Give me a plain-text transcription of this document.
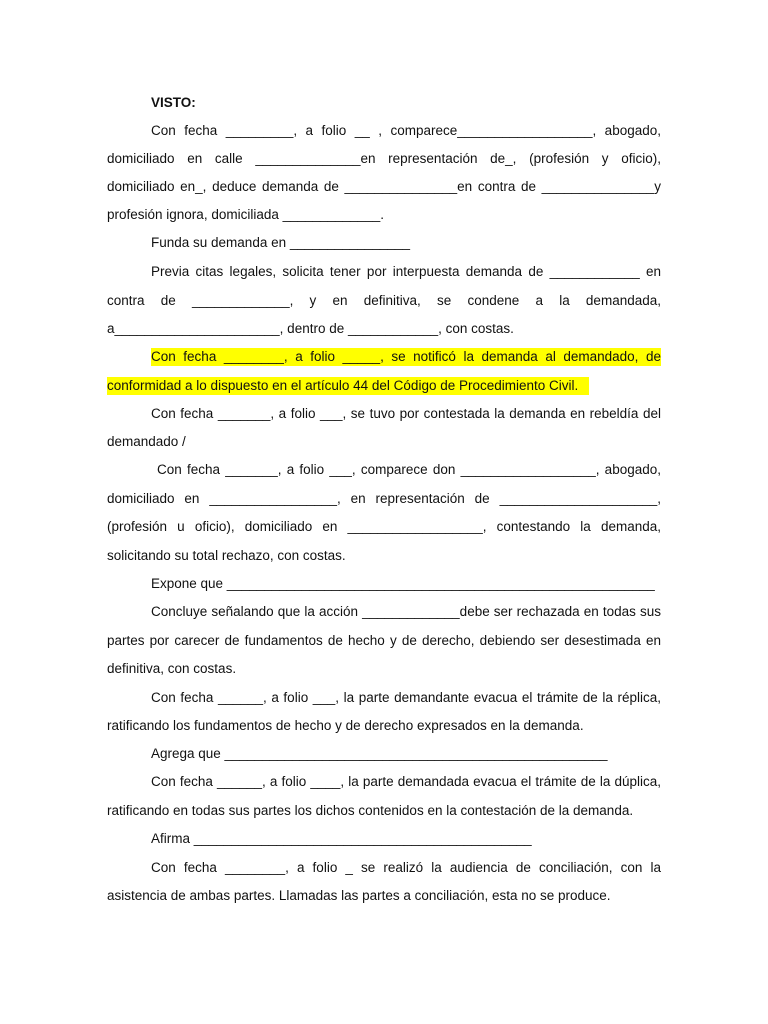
VISTO:
Con fecha _________, a folio __ , comparece__________________, abogado,
domiciliado en calle ______________en representación de_, (profesión y oficio),
domiciliado en_, deduce demanda de _______________en contra de _______________y
profesión ignora, domiciliada _____________.
Funda su demanda en ________________
Previa citas legales, solicita tener por interpuesta demanda de ____________ en
contra de _____________, y en definitiva, se condene a la demandada,
a______________________, dentro de ____________, con costas.
Con fecha ________, a folio _____, se notificó la demanda al demandado, de
conformidad a lo dispuesto en el artículo 44 del Código de Procedimiento Civil.
Con fecha _______, a folio ___, se tuvo por contestada la demanda en rebeldía del
demandado /
Con fecha _______, a folio ___, comparece don __________________, abogado,
domiciliado en _________________, en representación de _____________________,
(profesión u oficio), domiciliado en __________________, contestando la demanda,
solicitando su total rechazo, con costas.
Expone que _________________________________________________________
Concluye señalando que la acción _____________debe ser rechazada en todas sus
partes por carecer de fundamentos de hecho y de derecho, debiendo ser desestimada en
definitiva, con costas.
Con fecha ______, a folio ___, la parte demandante evacua el trámite de la réplica,
ratificando los fundamentos de hecho y de derecho expresados en la demanda.
Agrega que ___________________________________________________
Con fecha ______, a folio ____, la parte demandada evacua el trámite de la dúplica,
ratificando en todas sus partes los dichos contenidos en la contestación de la demanda.
Afirma _____________________________________________
Con fecha ________, a folio _ se realizó la audiencia de conciliación, con la
asistencia de ambas partes. Llamadas las partes a conciliación, esta no se produce.
